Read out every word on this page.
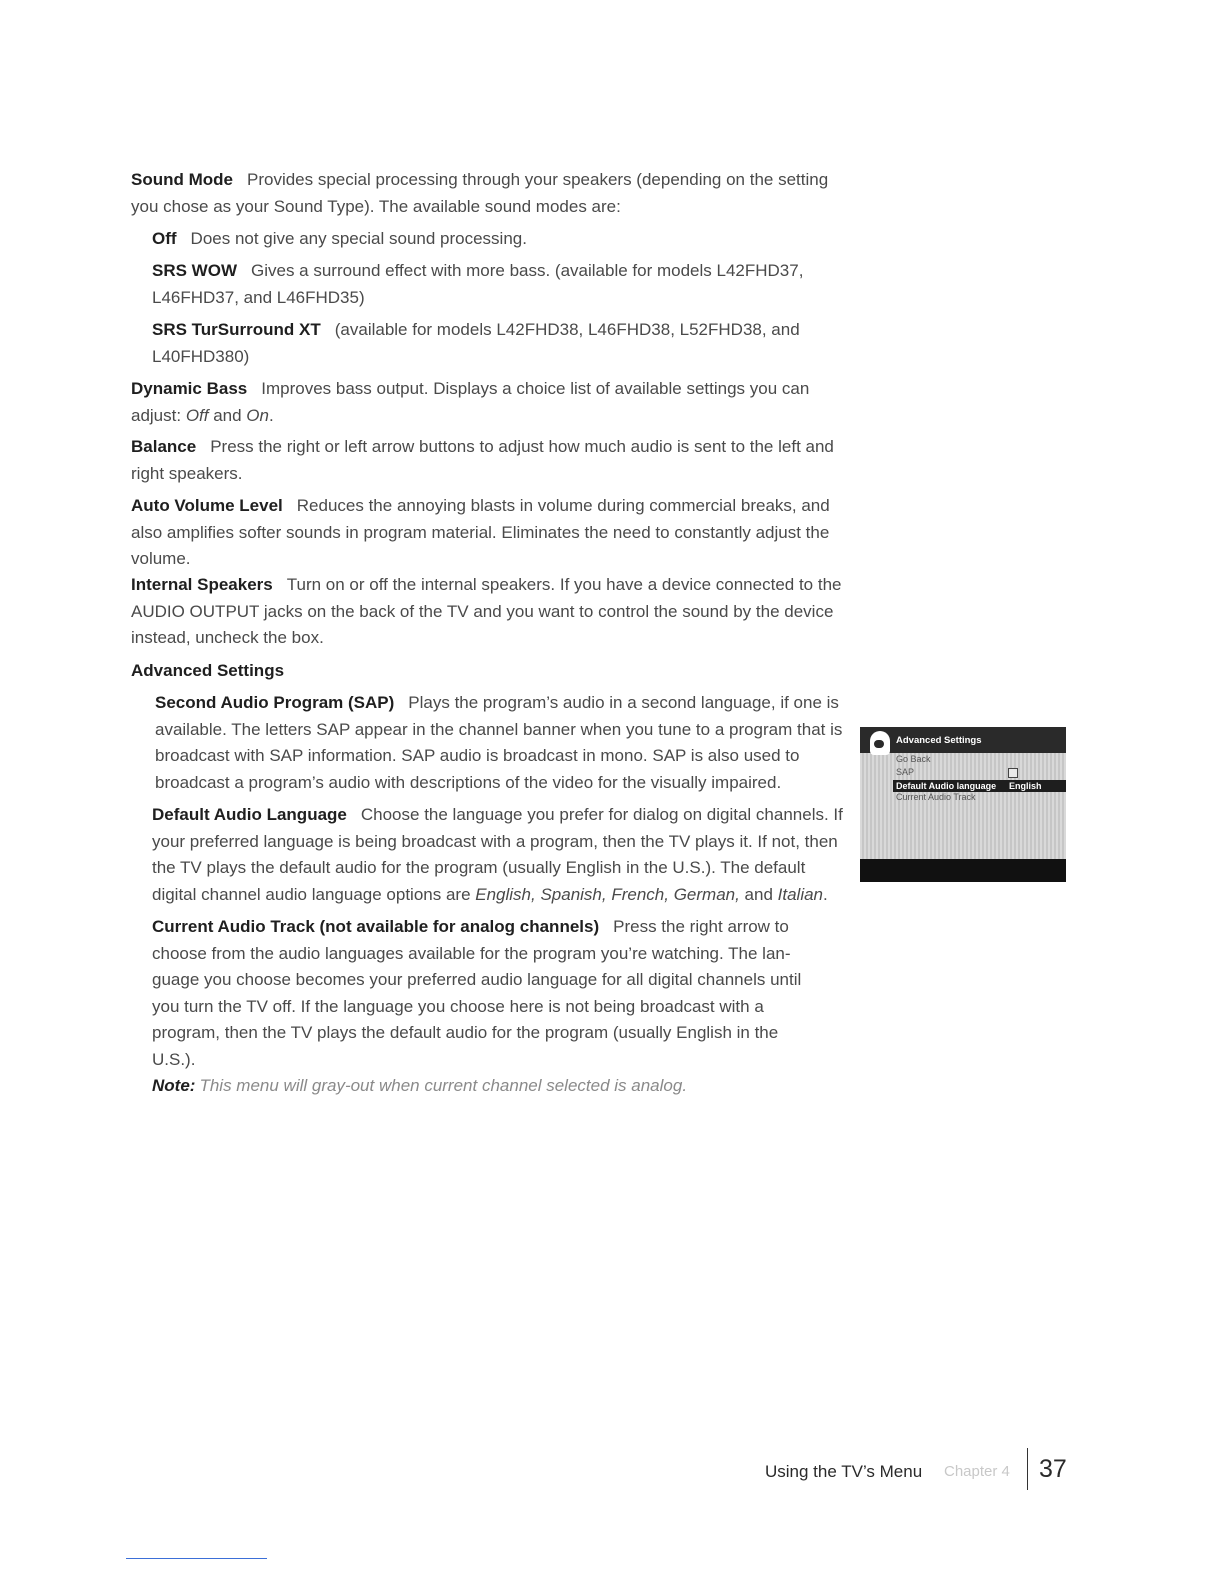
Sound Mode Provides special processing through your speakers (depending on the setting you chose as your Sound Type). The available sound modes are:

Off Does not give any special sound processing.

SRS WOW Gives a surround effect with more bass. (available for models L42FHD37, L46FHD37, and L46FHD35)

SRS TurSurround XT (available for models L42FHD38, L46FHD38, L52FHD38, and L40FHD380)

Dynamic Bass Improves bass output. Displays a choice list of available settings you can adjust: Off and On.

Balance Press the right or left arrow buttons to adjust how much audio is sent to the left and right speakers.

Auto Volume Level Reduces the annoying blasts in volume during commercial breaks, and also amplifies softer sounds in program material. Eliminates the need to constantly adjust the volume.

Internal Speakers Turn on or off the internal speakers. If you have a device connected to the AUDIO OUTPUT jacks on the back of the TV and you want to control the sound by the device instead, uncheck the box.

Advanced Settings

Second Audio Program (SAP) Plays the program’s audio in a second language, if one is available. The letters SAP appear in the channel banner when you tune to a program that is broadcast with SAP information. SAP audio is broadcast in mono. SAP is also used to broadcast a program’s audio with descriptions of the video for the visually impaired.

Default Audio Language Choose the language you prefer for dialog on digital channels. If your preferred language is being broadcast with a program, then the TV plays it. If not, then the TV plays the default audio for the program (usually English in the U.S.). The default digital channel audio language options are English, Spanish, French, German, and Italian.

Current Audio Track (not available for analog channels) Press the right arrow to choose from the audio languages available for the program you’re watching. The lan-guage you choose becomes your preferred audio language for all digital channels until you turn the TV off. If the language you choose here is not being broadcast with a program, then the TV plays the default audio for the program (usually English in the U.S.).
Note: This menu will gray-out when current channel selected is analog.

Advanced Settings
Go Back
SAP
Default Audio language English
Current Audio Track
Using the TV’s Menu Chapter 4 37
